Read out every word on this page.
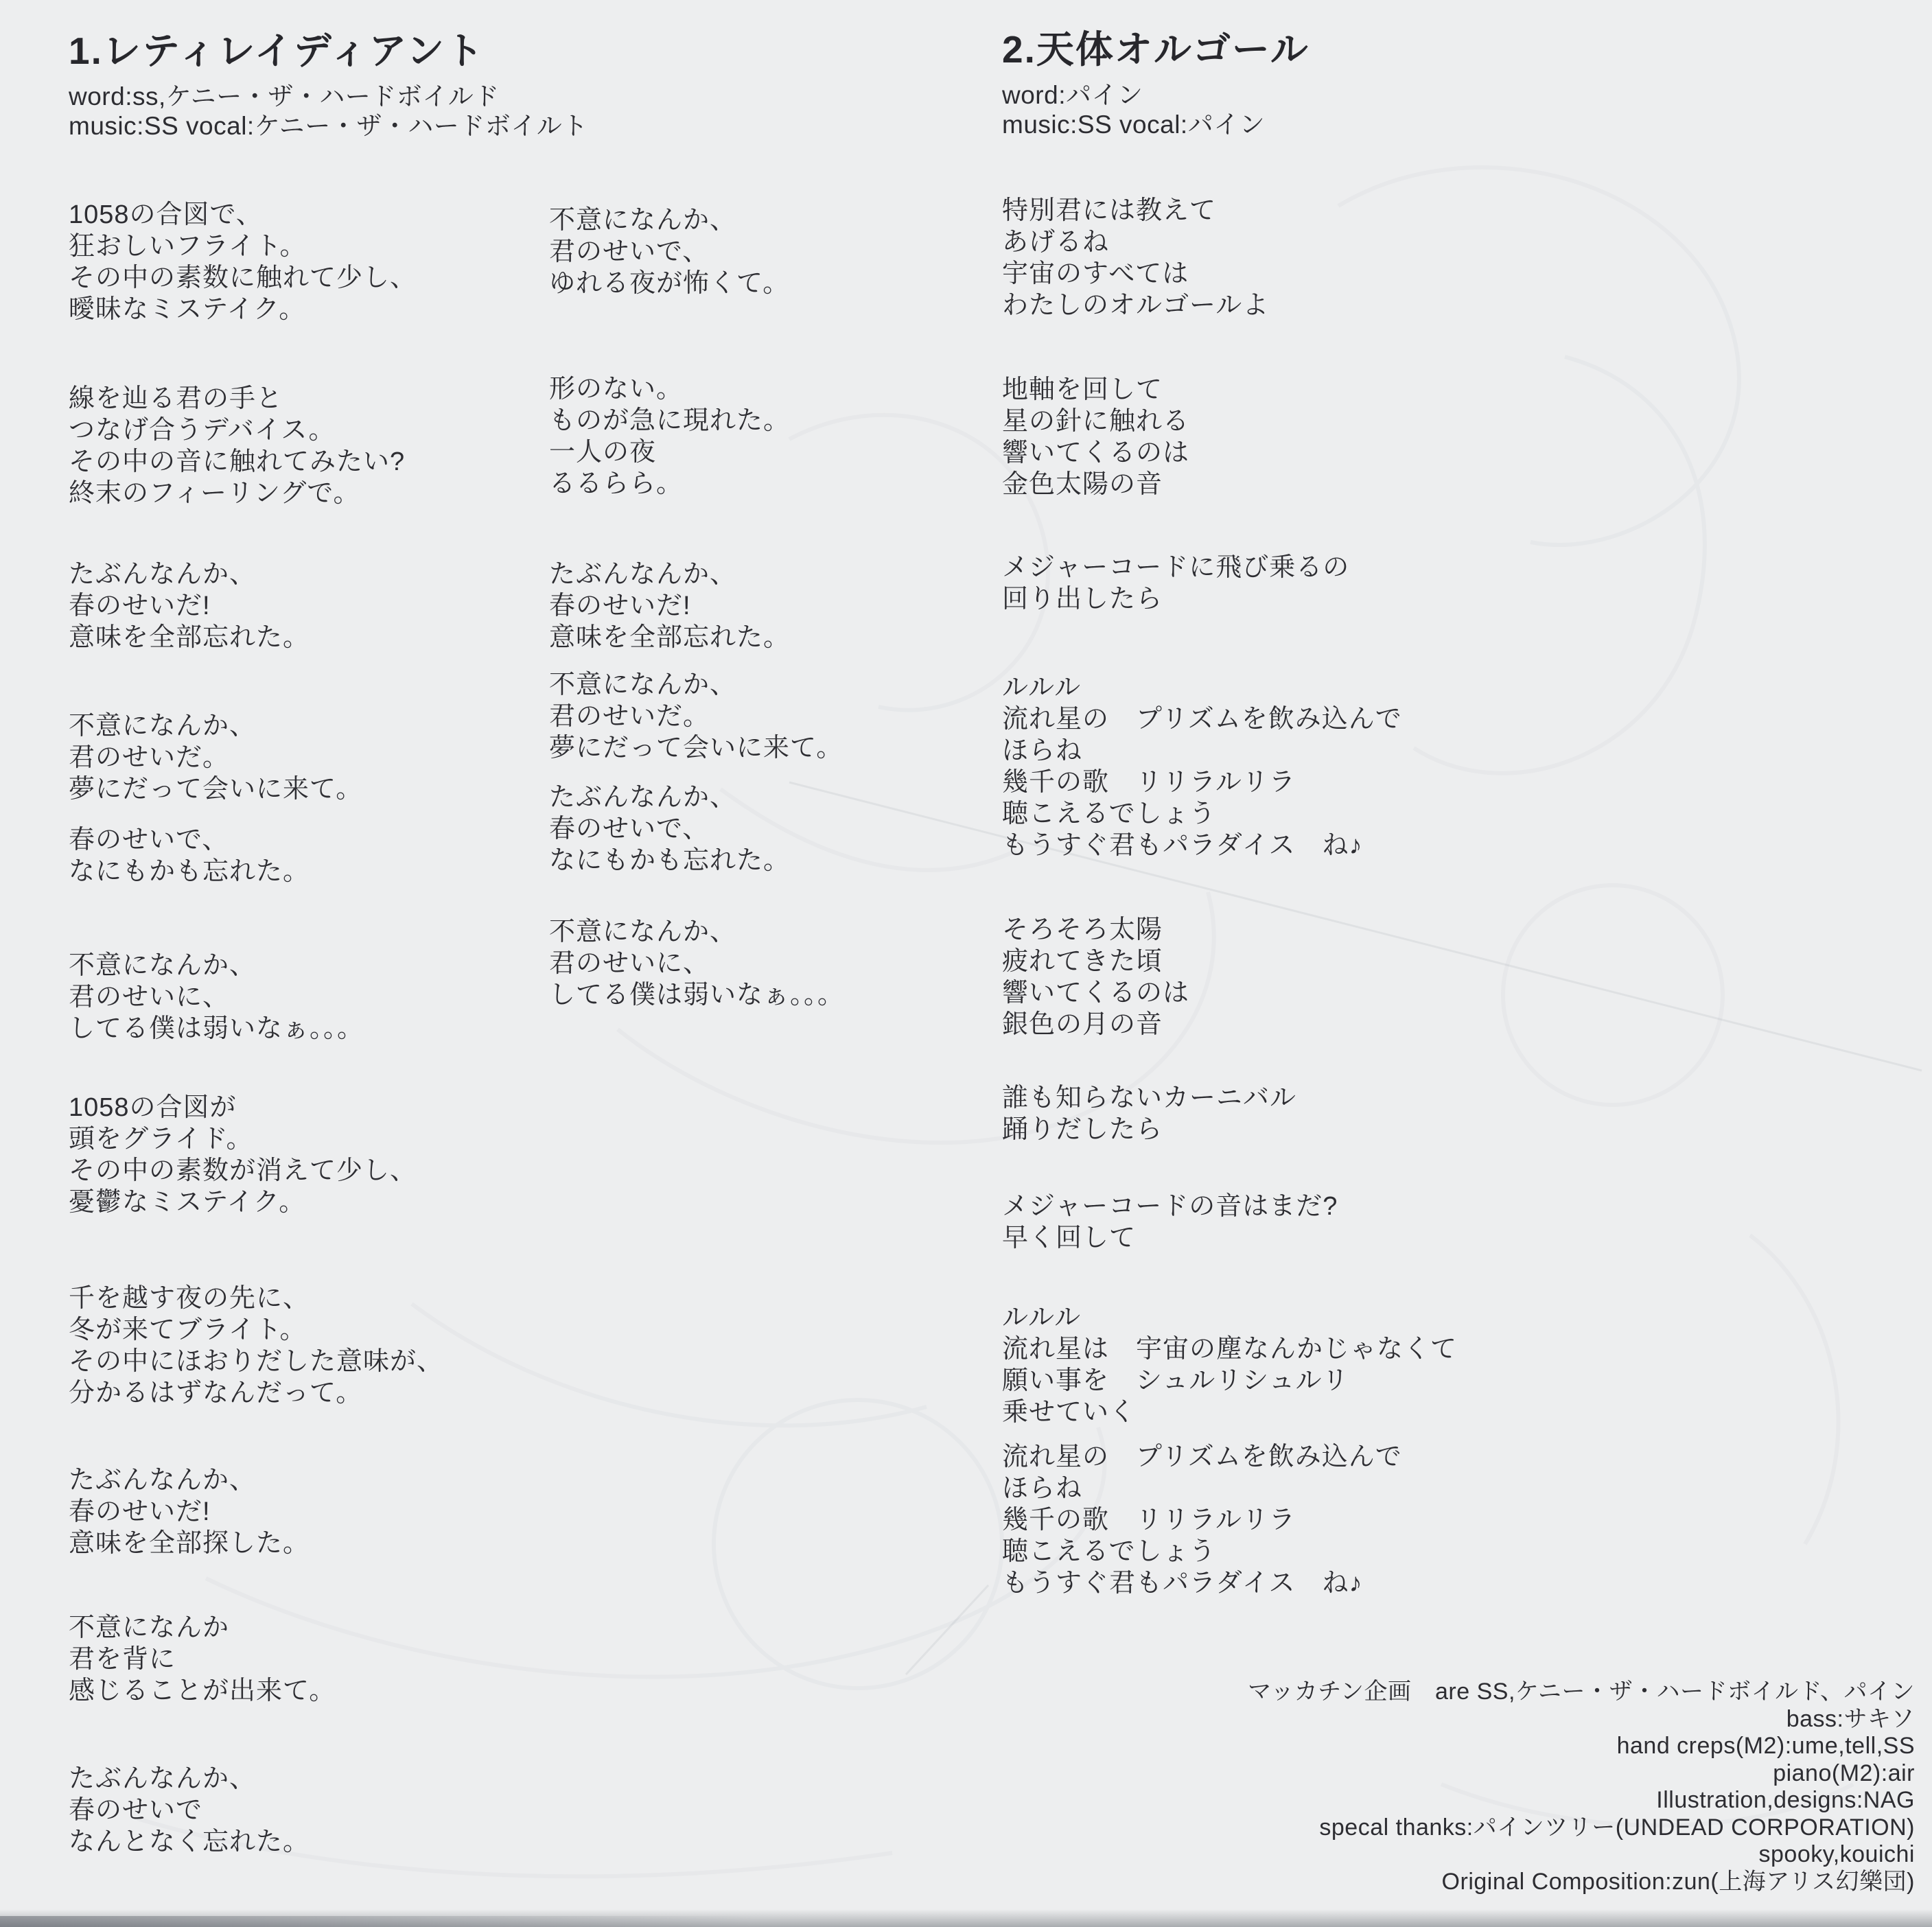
1.レティレイディアント
word:ss,ケニー・ザ・ハードボイルド
music:SS vocal:ケニー・ザ・ハードボイルト
2.天体オルゴール
word:パイン
music:SS vocal:パイン
1058の合図で、
狂おしいフライト。
その中の素数に触れて少し、
曖昧なミステイク。
線を辿る君の手と
つなげ合うデバイス。
その中の音に触れてみたい?
終末のフィーリングで。
たぶんなんか、
春のせいだ!
意味を全部忘れた。
不意になんか、
君のせいだ。
夢にだって会いに来て。
春のせいで、
なにもかも忘れた。
不意になんか、
君のせいに、
してる僕は弱いなぁ。。。
1058の合図が
頭をグライド。
その中の素数が消えて少し、
憂鬱なミステイク。
千を越す夜の先に、
冬が来てブライト。
その中にほおりだした意味が、
分かるはずなんだって。
たぶんなんか、
春のせいだ!
意味を全部探した。
不意になんか
君を背に
感じることが出来て。
たぶんなんか、
春のせいで
なんとなく忘れた。
不意になんか、
君のせいで、
ゆれる夜が怖くて。
形のない。
ものが急に現れた。
一人の夜
るるらら。
たぶんなんか、
春のせいだ!
意味を全部忘れた。
不意になんか、
君のせいだ。
夢にだって会いに来て。
たぶんなんか、
春のせいで、
なにもかも忘れた。
不意になんか、
君のせいに、
してる僕は弱いなぁ。。。
特別君には教えて
あげるね
宇宙のすべては
わたしのオルゴールよ
地軸を回して
星の針に触れる
響いてくるのは
金色太陽の音
メジャーコードに飛び乗るの
回り出したら
ルルル
流れ星の　プリズムを飲み込んで
ほらね
幾千の歌　リリラルリラ
聴こえるでしょう
もうすぐ君もパラダイス　ね♪
そろそろ太陽
疲れてきた頃
響いてくるのは
銀色の月の音
誰も知らないカーニバル
踊りだしたら
メジャーコードの音はまだ?
早く回して
ルルル
流れ星は　宇宙の塵なんかじゃなくて
願い事を　シュルリシュルリ
乗せていく
流れ星の　プリズムを飲み込んで
ほらね
幾千の歌　リリラルリラ
聴こえるでしょう
もうすぐ君もパラダイス　ね♪
マッカチン企画　are SS,ケニー・ザ・ハードボイルド、パイン
bass:サキソ
hand creps(M2):ume,tell,SS
piano(M2):air
Illustration,designs:NAG
specal thanks:パインツリー(UNDEAD CORPORATION)
spooky,kouichi
Original Composition:zun(上海アリス幻樂団)
